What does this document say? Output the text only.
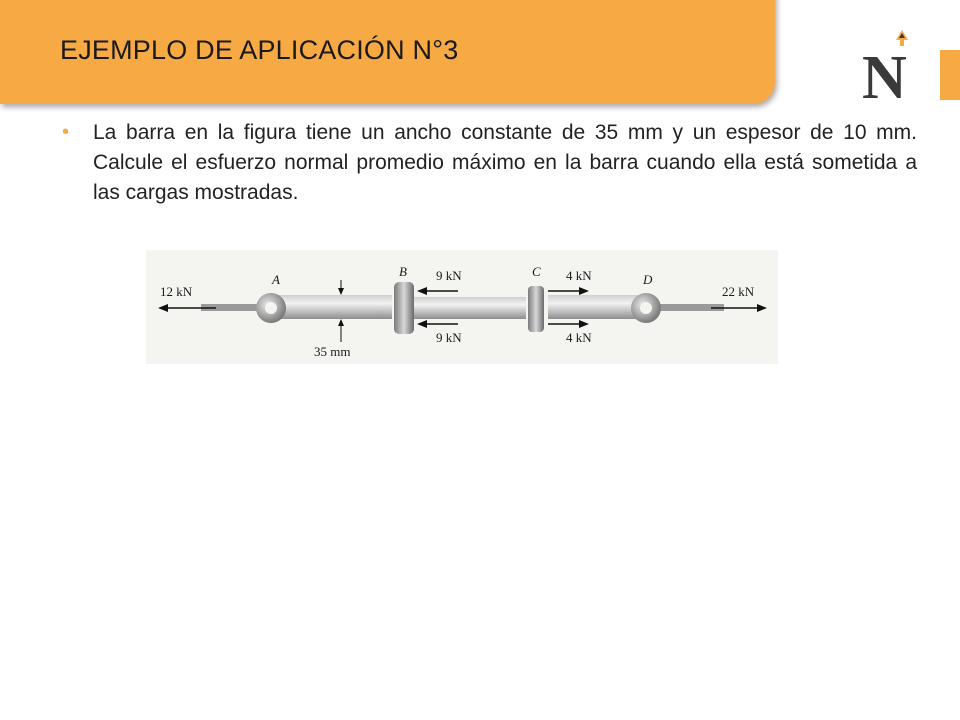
EJEMPLO DE APLICACIÓN N°3	N
• La barra en la figura tiene un ancho constante de 35 mm y un espesor de 10 mm. Calcule el esfuerzo normal promedio máximo en la barra cuando ella está sometida a las cargas mostradas.
12 kN
A
B 9 kN
9 kN
C 4 kN
4 kN
D
22 kN
35 mm
